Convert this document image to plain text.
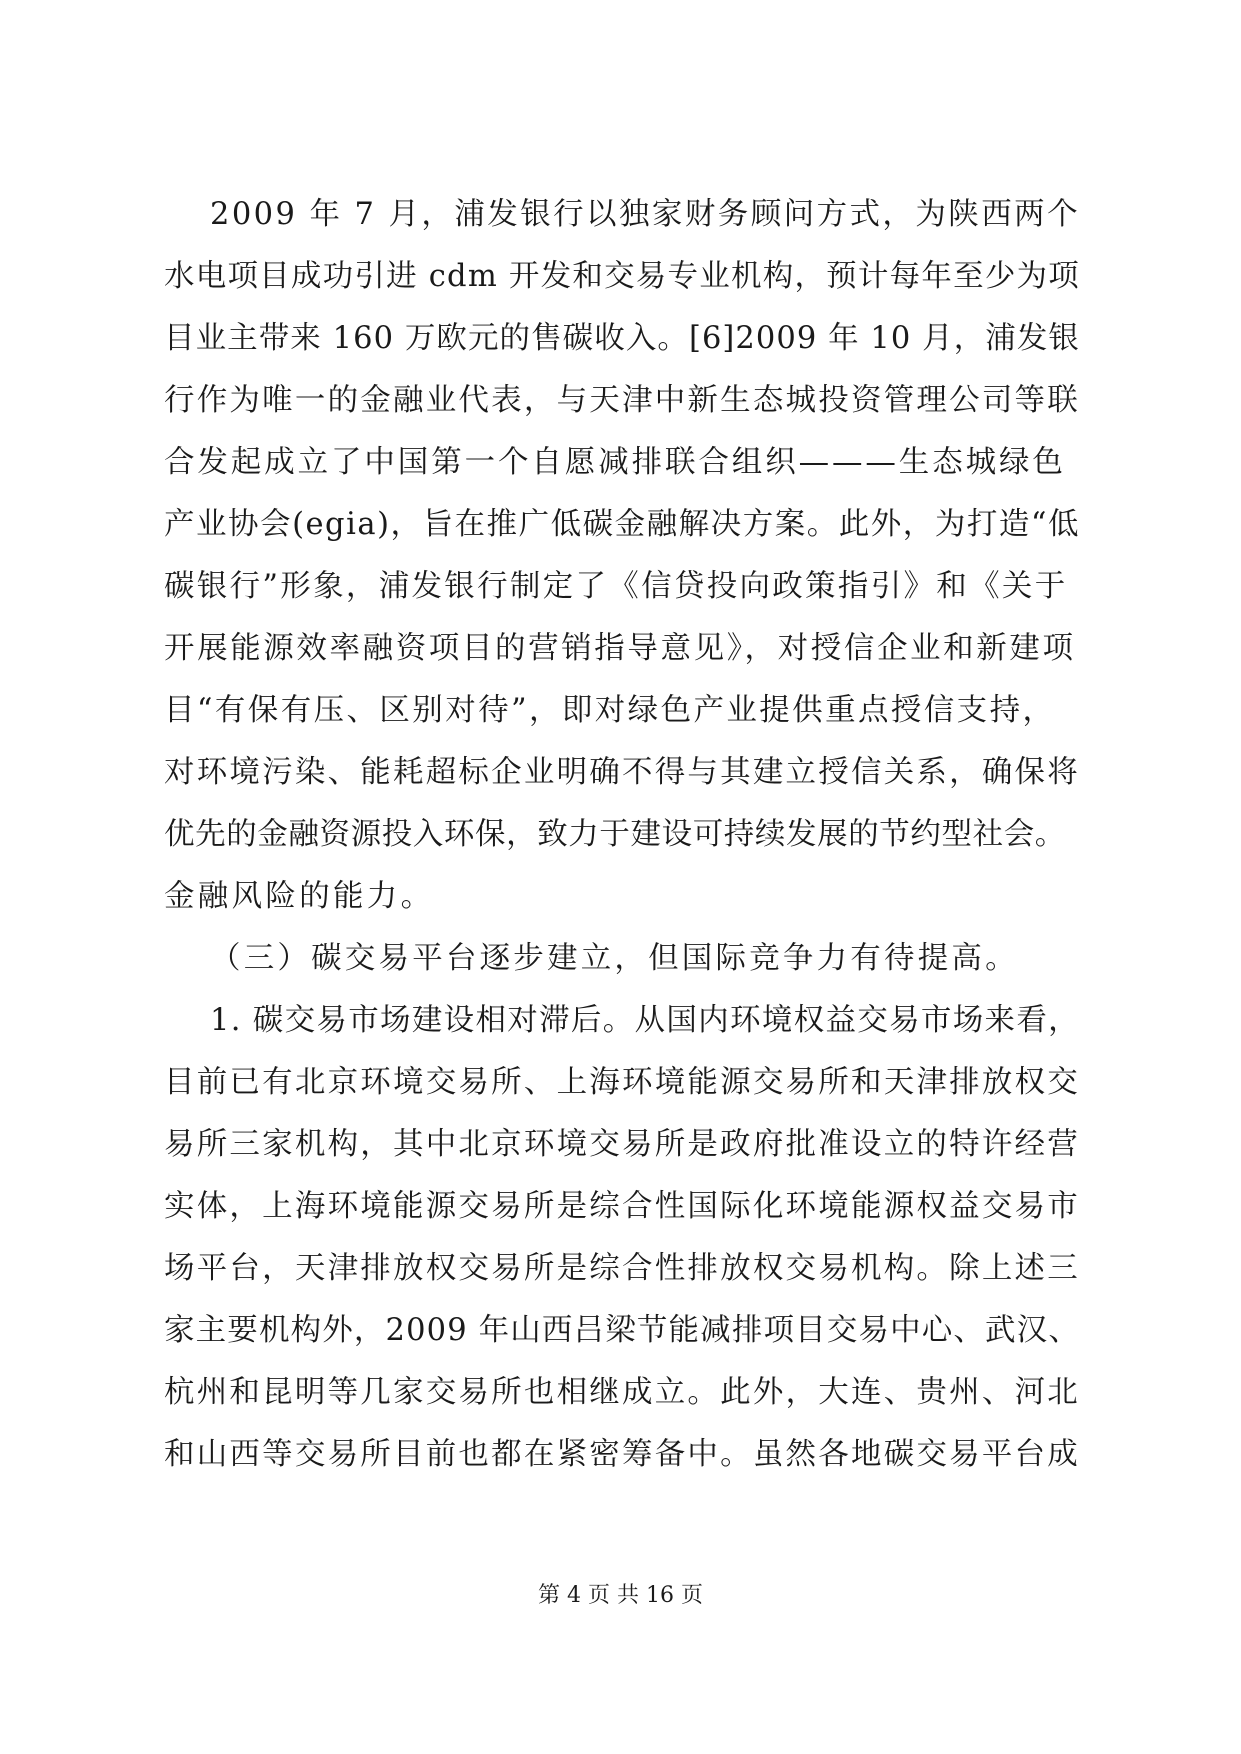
2009 年 7 月，浦发银行以独家财务顾问方式，为陕西两个
水电项目成功引进 cdm 开发和交易专业机构，预计每年至少为项
目业主带来 160 万欧元的售碳收入。[6]2009 年 10 月，浦发银
行作为唯一的金融业代表，与天津中新生态城投资管理公司等联
合发起成立了中国第一个自愿减排联合组织———生态城绿色
产业协会(egia)，旨在推广低碳金融解决方案。此外，为打造“低
碳银行”形象，浦发银行制定了《信贷投向政策指引》和《关于
开展能源效率融资项目的营销指导意见》，对授信企业和新建项
目“有保有压、区别对待”，即对绿色产业提供重点授信支持，
对环境污染、能耗超标企业明确不得与其建立授信关系，确保将
优先的金融资源投入环保，致力于建设可持续发展的节约型社会。
金融风险的能力。
（三）碳交易平台逐步建立，但国际竞争力有待提高。
1. 碳交易市场建设相对滞后。从国内环境权益交易市场来看，
目前已有北京环境交易所、上海环境能源交易所和天津排放权交
易所三家机构，其中北京环境交易所是政府批准设立的特许经营
实体，上海环境能源交易所是综合性国际化环境能源权益交易市
场平台，天津排放权交易所是综合性排放权交易机构。除上述三
家主要机构外，2009 年山西吕梁节能减排项目交易中心、武汉、
杭州和昆明等几家交易所也相继成立。此外，大连、贵州、河北
和山西等交易所目前也都在紧密筹备中。虽然各地碳交易平台成
第 4 页 共 16 页
